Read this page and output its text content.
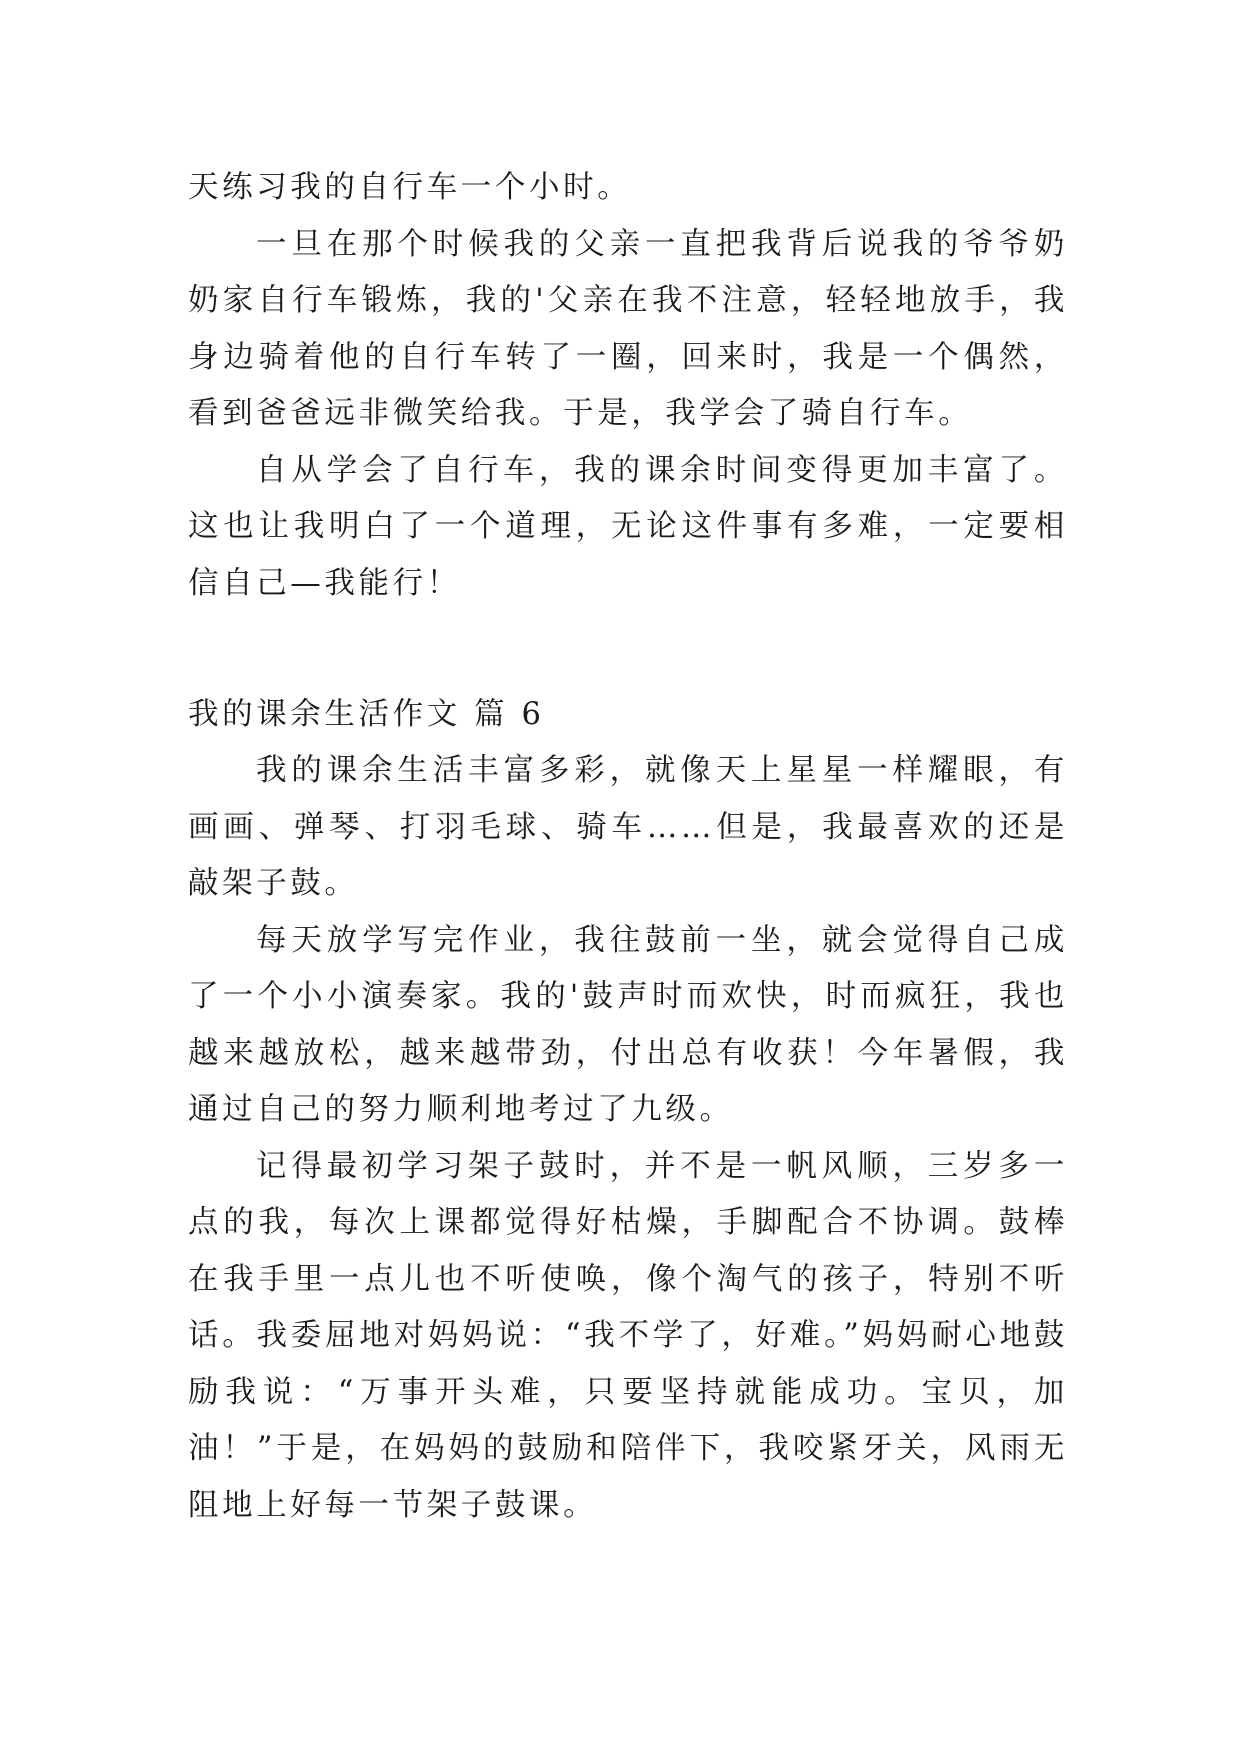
天练习我的自行车一个小时。

一旦在那个时候我的父亲一直把我背后说我的爷爷奶奶家自行车锻炼，我的'父亲在我不注意，轻轻地放手，我身边骑着他的自行车转了一圈，回来时，我是一个偶然，看到爸爸远非微笑给我。于是，我学会了骑自行车。

自从学会了自行车，我的课余时间变得更加丰富了。这也让我明白了一个道理，无论这件事有多难，一定要相信自己—我能行！

我的课余生活作文 篇 6

我的课余生活丰富多彩，就像天上星星一样耀眼，有画画、弹琴、打羽毛球、骑车……但是，我最喜欢的还是敲架子鼓。

每天放学写完作业，我往鼓前一坐，就会觉得自己成了一个小小演奏家。我的'鼓声时而欢快，时而疯狂，我也越来越放松，越来越带劲，付出总有收获！今年暑假，我通过自己的努力顺利地考过了九级。

记得最初学习架子鼓时，并不是一帆风顺，三岁多一点的我，每次上课都觉得好枯燥，手脚配合不协调。鼓棒在我手里一点儿也不听使唤，像个淘气的孩子，特别不听话。我委屈地对妈妈说：“我不学了，好难。”妈妈耐心地鼓励我说：“万事开头难，只要坚持就能成功。宝贝，加油！”于是，在妈妈的鼓励和陪伴下，我咬紧牙关，风雨无阻地上好每一节架子鼓课。
